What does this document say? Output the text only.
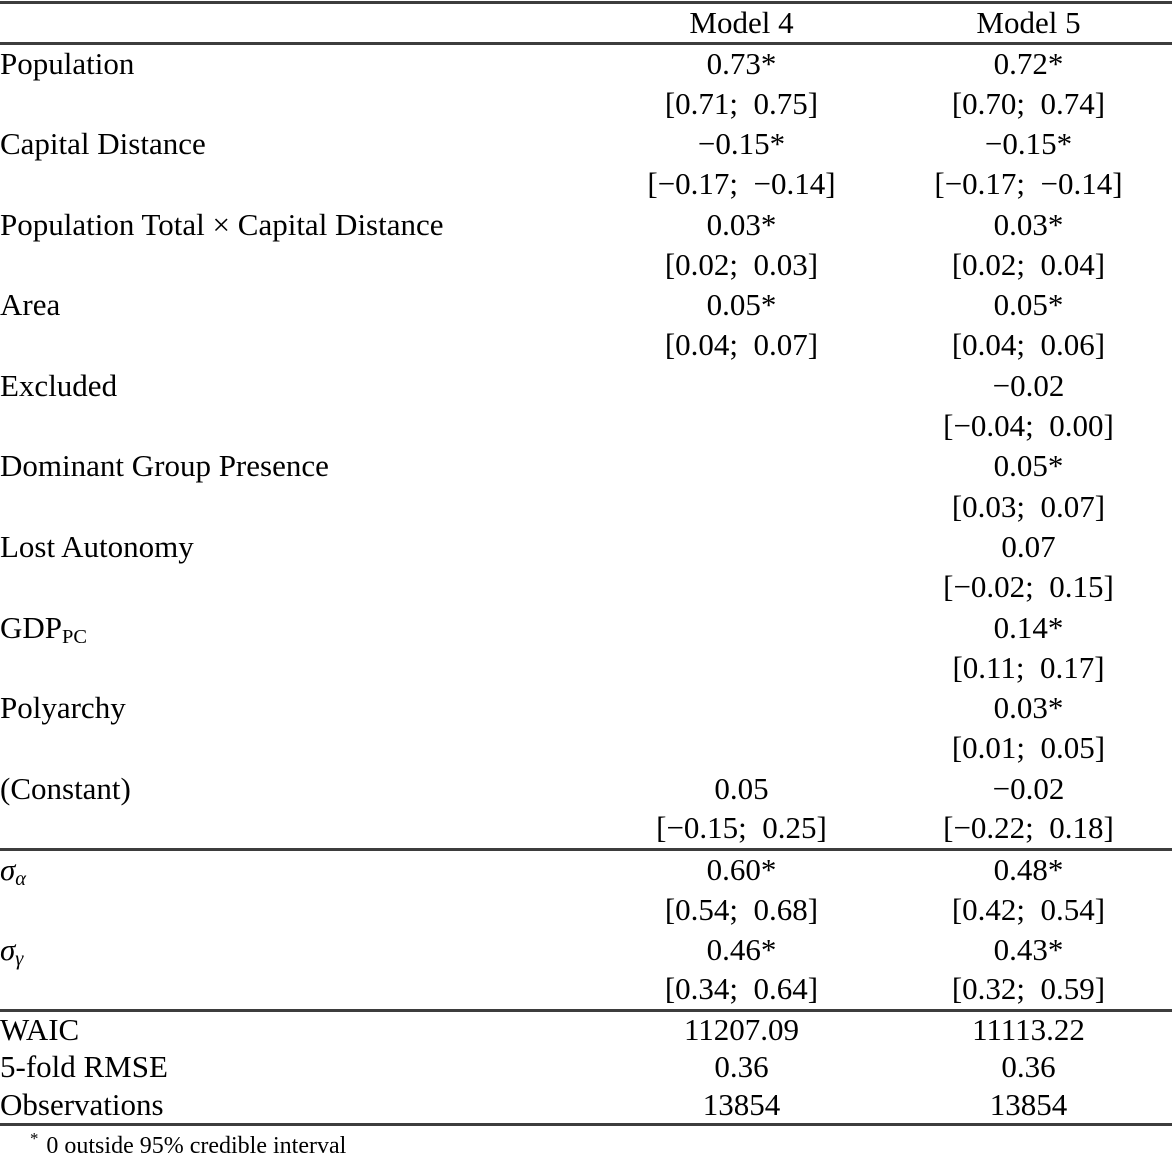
	Model 4	Model 5
Population	0.73*	0.72*
	[0.71;  0.75]	[0.70;  0.74]
Capital Distance	−0.15*	−0.15*
	[−0.17;  −0.14]	[−0.17;  −0.14]
Population Total × Capital Distance	0.03*	0.03*
	[0.02;  0.03]	[0.02;  0.04]
Area	0.05*	0.05*
	[0.04;  0.07]	[0.04;  0.06]
Excluded		−0.02
		[−0.04;  0.00]
Dominant Group Presence		0.05*
		[0.03;  0.07]
Lost Autonomy		0.07
		[−0.02;  0.15]
$GDP_{PC}$		0.14*
		[0.11;  0.17]
Polyarchy		0.03*
		[0.01;  0.05]
(Constant)	0.05	−0.02
	[−0.15;  0.25]	[−0.22;  0.18]
$\sigma_\alpha$	0.60*	0.48*
	[0.54;  0.68]	[0.42;  0.54]
$\sigma_\gamma$	0.46*	0.43*
	[0.34;  0.64]	[0.32;  0.59]
WAIC	11207.09	11113.22
5-fold RMSE	0.36	0.36
Observations	13854	13854
* 0 outside 95% credible interval
